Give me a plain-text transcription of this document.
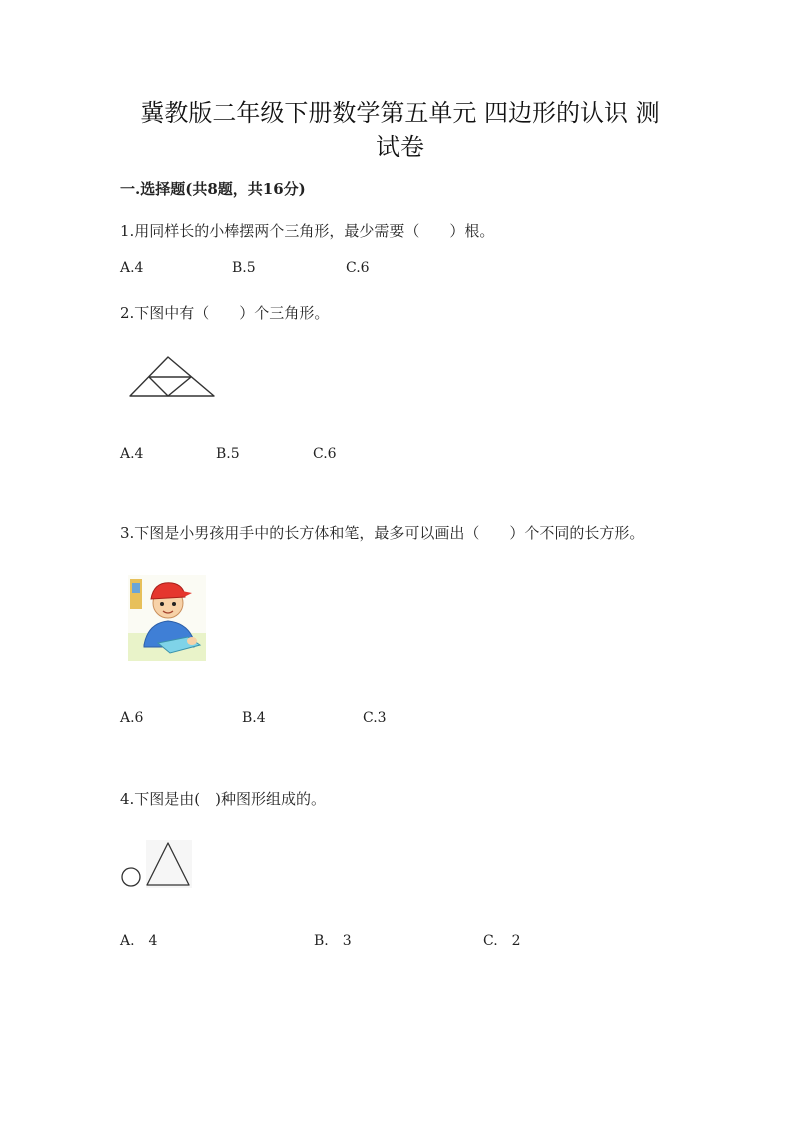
冀教版二年级下册数学第五单元 四边形的认识 测
试卷
一.选择题(共8题，共16分)
1.用同样长的小棒摆两个三角形，最少需要（　　）根。
A.4	B.5	C.6
2.下图中有（　　）个三角形。
A.4	B.5	C.6
3.下图是小男孩用手中的长方体和笔，最多可以画出（　　）个不同的长方形。
A.6	B.4	C.3
4.下图是由(　)种图形组成的。
A.　4	B.　3	C.　2
